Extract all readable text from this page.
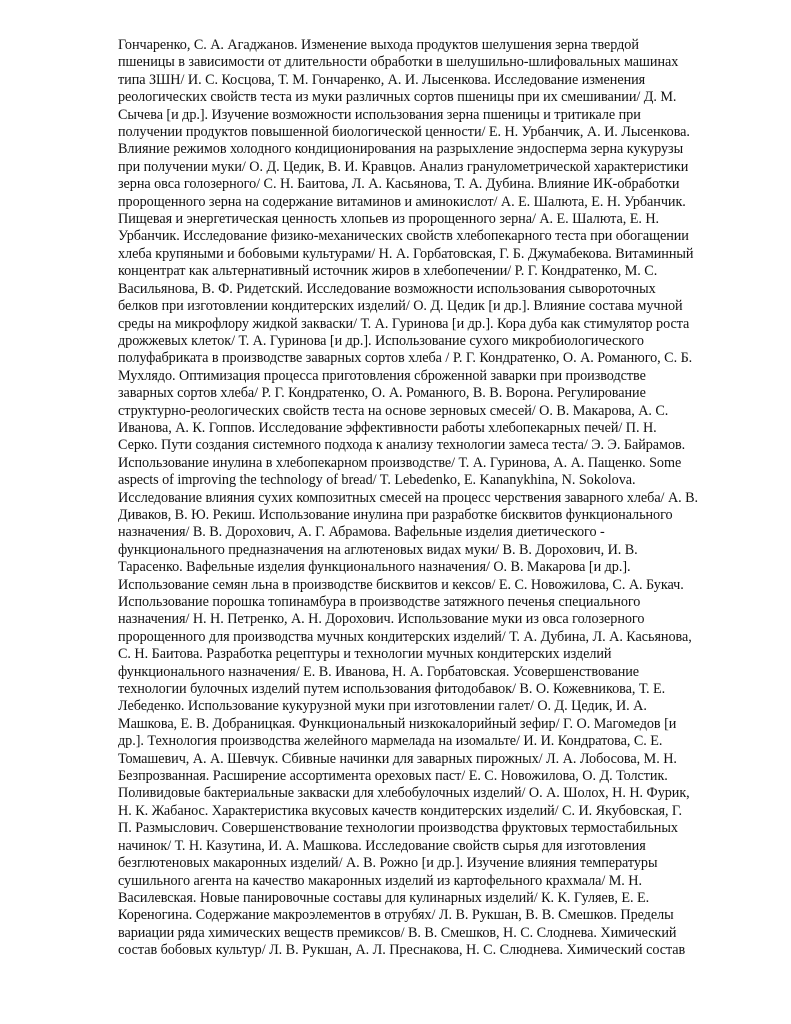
Гончаренко, С. А. Агаджанов. Изменение выхода продуктов шелушения зерна твердой
пшеницы в зависимости от длительности обработки в шелушильно-шлифовальных машинах
типа ЗШН/ И. С. Косцова, Т. М. Гончаренко, А. И. Лысенкова. Исследование изменения
реологических свойств теста из муки различных сортов пшеницы при их смешивании/ Д. М.
Сычева [и др.]. Изучение возможности использования зерна пшеницы и тритикале при
получении продуктов повышенной биологической ценности/ Е. Н. Урбанчик, А. И. Лысенкова.
Влияние режимов холодного кондиционирования на разрыхление эндосперма зерна кукурузы
при получении муки/ О. Д. Цедик, В. И. Кравцов. Анализ гранулометрической характеристики
зерна овса голозерного/ С. Н. Баитова, Л. А. Касьянова, Т. А. Дубина. Влияние ИК-обработки
пророщенного зерна на содержание витаминов и аминокислот/ А. Е. Шалюта, Е. Н. Урбанчик.
Пищевая и энергетическая ценность хлопьев из пророщенного зерна/ А. Е. Шалюта, Е. Н.
Урбанчик. Исследование физико-механических свойств хлебопекарного теста при обогащении
хлеба крупяными и бобовыми культурами/ Н. А. Горбатовская, Г. Б. Джумабекова. Витаминный
концентрат как альтернативный источник жиров в хлебопечении/ Р. Г. Кондратенко, М. С.
Васильянова, В. Ф. Ридетский. Исследование возможности использования сывороточных
белков при изготовлении кондитерских изделий/ О. Д. Цедик [и др.]. Влияние состава мучной
среды на микрофлору жидкой закваски/ Т. А. Гуринова [и др.]. Кора дуба как стимулятор роста
дрожжевых клеток/ Т. А. Гуринова [и др.]. Использование сухого микробиологического
полуфабриката в производстве заварных сортов хлеба / Р. Г. Кондратенко, О. А. Романюго, С. Б.
Мухлядо. Оптимизация процесса приготовления сброженной заварки при производстве
заварных сортов хлеба/ Р. Г. Кондратенко, О. А. Романюго, В. В. Ворона. Регулирование
структурно-реологических свойств теста на основе зерновых смесей/ О. В. Макарова, А. С.
Иванова, А. К. Гоппов. Исследование эффективности работы хлебопекарных печей/ П. Н.
Серко. Пути создания системного подхода к анализу технологии замеса теста/ Э. Э. Байрамов.
Использование инулина в хлебопекарном производстве/ Т. А. Гуринова, А. А. Пащенко. Some
aspects of improving the technology of bread/ T. Lebedenko, E. Kananykhina, N. Sokolova.
Исследование влияния сухих композитных смесей на процесс черствения заварного хлеба/ А. В.
Диваков, В. Ю. Рекиш. Использование инулина при разработке бисквитов функционального
назначения/ В. В. Дорохович, А. Г. Абрамова. Вафельные изделия диетического -
функционального предназначения на аглютеновых видах муки/ В. В. Дорохович, И. В.
Тарасенко. Вафельные изделия функционального назначения/ О. В. Макарова [и др.].
Использование семян льна в производстве бисквитов и кексов/ Е. С. Новожилова, С. А. Букач.
Использование порошка топинамбура в производстве затяжного печенья специального
назначения/ Н. Н. Петренко, А. Н. Дорохович. Использование муки из овса голозерного
пророщенного для производства мучных кондитерских изделий/ Т. А. Дубина, Л. А. Касьянова,
С. Н. Баитова. Разработка рецептуры и технологии мучных кондитерских изделий
функционального назначения/ Е. В. Иванова, Н. А. Горбатовская. Усовершенствование
технологии булочных изделий путем использования фитодобавок/ В. О. Кожевникова, Т. Е.
Лебеденко. Использование кукурузной муки при изготовлении галет/ О. Д. Цедик, И. А.
Машкова, Е. В. Добраницкая. Функциональный низкокалорийный зефир/ Г. О. Магомедов [и
др.]. Технология производства желейного мармелада на изомальте/ И. И. Кондратова, С. Е.
Томашевич, А. А. Шевчук. Сбивные начинки для заварных пирожных/ Л. А. Лобосова, М. Н.
Безпрозванная. Расширение ассортимента ореховых паст/ Е. С. Новожилова, О. Д. Толстик.
Поливидовые бактериальные закваски для хлебобулочных изделий/ О. А. Шолох, Н. Н. Фурик,
Н. К. Жабанос. Характеристика вкусовых качеств кондитерских изделий/ С. И. Якубовская, Г.
П. Размыслович. Совершенствование технологии производства фруктовых термостабильных
начинок/ Т. Н. Казутина, И. А. Машкова. Исследование свойств сырья для изготовления
безглютеновых макаронных изделий/ А. В. Рожно [и др.]. Изучение влияния температуры
сушильного агента на качество макаронных изделий из картофельного крахмала/ М. Н.
Василевская. Новые панировочные составы для кулинарных изделий/ К. К. Гуляев, Е. Е.
Кореногина. Содержание макроэлементов в отрубях/ Л. В. Рукшан, В. В. Смешков. Пределы
вариации ряда химических веществ премиксов/ В. В. Смешков, Н. С. Слоднева. Химический
состав бобовых культур/ Л. В. Рукшан, А. Л. Преснакова, Н. С. Слюднева. Химический состав
